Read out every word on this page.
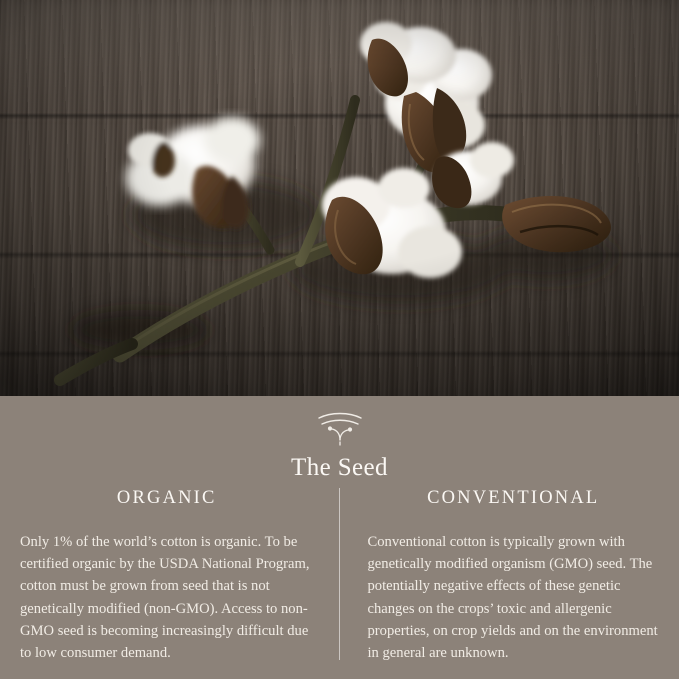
The Seed
ORGANIC

Only 1% of the world’s cotton is organic. To be certified organic by the USDA National Program, cotton must be grown from seed that is not genetically modified (non-GMO). Access to non-GMO seed is becoming increasingly difficult due to low consumer demand.

CONVENTIONAL

Conventional cotton is typically grown with genetically modified organism (GMO) seed. The potentially negative effects of these genetic changes on the crops’ toxic and allergenic properties, on crop yields and on the environment in general are unknown.
